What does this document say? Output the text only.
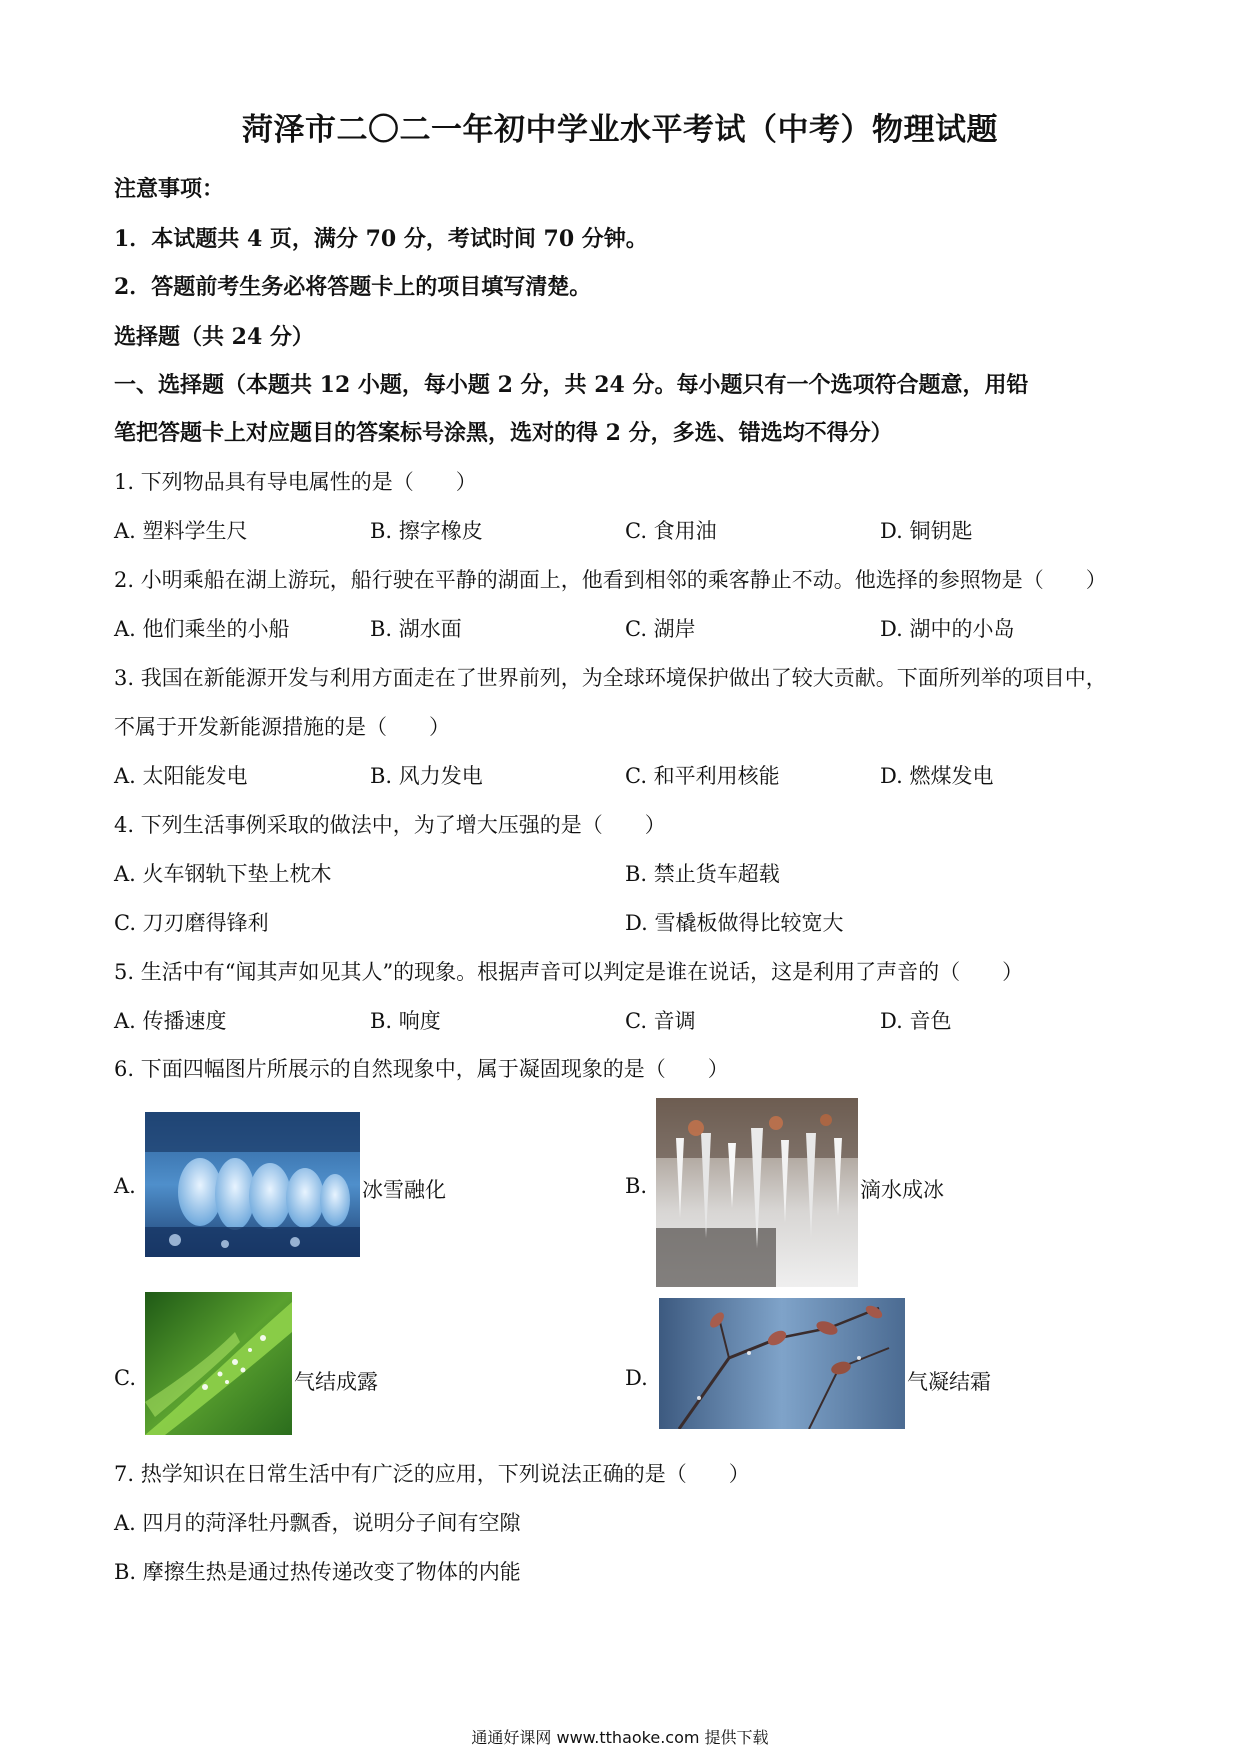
菏泽市二〇二一年初中学业水平考试（中考）物理试题
注意事项：
1．本试题共 4 页，满分 70 分，考试时间 70 分钟。
2．答题前考生务必将答题卡上的项目填写清楚。
选择题（共 24 分）
一、选择题（本题共 12 小题，每小题 2 分，共 24 分。每小题只有一个选项符合题意，用铅
笔把答题卡上对应题目的答案标号涂黑，选对的得 2 分，多选、错选均不得分）
1. 下列物品具有导电属性的是（　　）
A. 塑料学生尺	B. 擦字橡皮	C. 食用油	D. 铜钥匙
2. 小明乘船在湖上游玩，船行驶在平静的湖面上，他看到相邻的乘客静止不动。他选择的参照物是（　　）
A. 他们乘坐的小船	B. 湖水面	C. 湖岸	D. 湖中的小岛
3. 我国在新能源开发与利用方面走在了世界前列，为全球环境保护做出了较大贡献。下面所列举的项目中，
不属于开发新能源措施的是（　　）
A. 太阳能发电	B. 风力发电	C. 和平利用核能	D. 燃煤发电
4. 下列生活事例采取的做法中，为了增大压强的是（　　）
A. 火车钢轨下垫上枕木	B. 禁止货车超载
C. 刀刃磨得锋利	D. 雪橇板做得比较宽大
5. 生活中有“闻其声如见其人”的现象。根据声音可以判定是谁在说话，这是利用了声音的（　　）
A. 传播速度	B. 响度	C. 音调	D. 音色
6. 下面四幅图片所展示的自然现象中，属于凝固现象的是（　　）
A.	冰雪融化	B.	滴水成冰
C.	气结成露	D.	气凝结霜
7. 热学知识在日常生活中有广泛的应用，下列说法正确的是（　　）
A. 四月的菏泽牡丹飘香，说明分子间有空隙
B. 摩擦生热是通过热传递改变了物体的内能
通通好课网 www.tthaoke.com 提供下载
